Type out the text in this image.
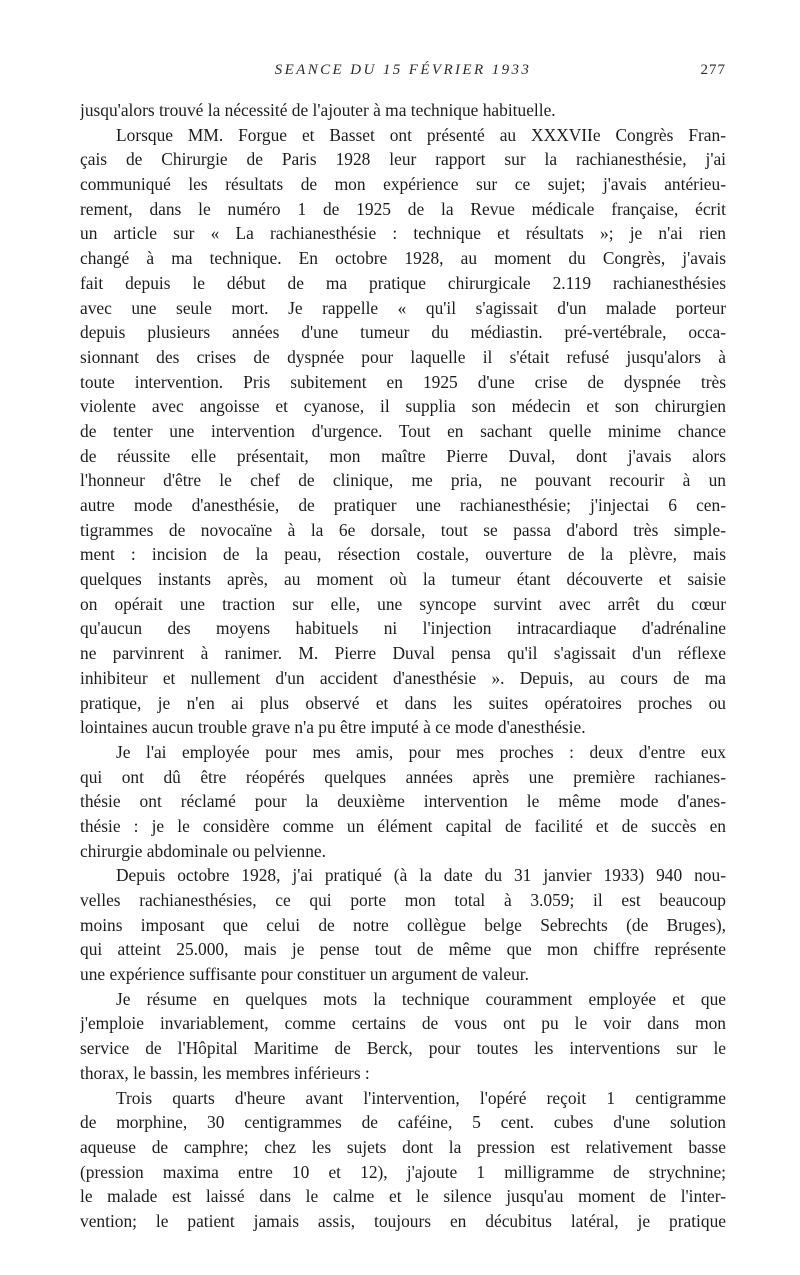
SEANCE DU 15 FÉVRIER 1933	277
jusqu'alors trouvé la nécessité de l'ajouter à ma technique habituelle.
Lorsque MM. Forgue et Basset ont présenté au XXXVIIe Congrès Fran-
çais de Chirurgie de Paris 1928 leur rapport sur la rachianesthésie, j'ai
communiqué les résultats de mon expérience sur ce sujet; j'avais antérieu-
rement, dans le numéro 1 de 1925 de la Revue médicale française, écrit
un article sur « La rachianesthésie : technique et résultats »; je n'ai rien
changé à ma technique. En octobre 1928, au moment du Congrès, j'avais
fait depuis le début de ma pratique chirurgicale 2.119 rachianesthésies
avec une seule mort. Je rappelle « qu'il s'agissait d'un malade porteur
depuis plusieurs années d'une tumeur du médiastin. pré-vertébrale, occa-
sionnant des crises de dyspnée pour laquelle il s'était refusé jusqu'alors à
toute intervention. Pris subitement en 1925 d'une crise de dyspnée très
violente avec angoisse et cyanose, il supplia son médecin et son chirurgien
de tenter une intervention d'urgence. Tout en sachant quelle minime chance
de réussite elle présentait, mon maître Pierre Duval, dont j'avais alors
l'honneur d'être le chef de clinique, me pria, ne pouvant recourir à un
autre mode d'anesthésie, de pratiquer une rachianesthésie; j'injectai 6 cen-
tigrammes de novocaïne à la 6e dorsale, tout se passa d'abord très simple-
ment : incision de la peau, résection costale, ouverture de la plèvre, mais
quelques instants après, au moment où la tumeur étant découverte et saisie
on opérait une traction sur elle, une syncope survint avec arrêt du cœur
qu'aucun des moyens habituels ni l'injection intracardiaque d'adrénaline
ne parvinrent à ranimer. M. Pierre Duval pensa qu'il s'agissait d'un réflexe
inhibiteur et nullement d'un accident d'anesthésie ». Depuis, au cours de ma
pratique, je n'en ai plus observé et dans les suites opératoires proches ou
lointaines aucun trouble grave n'a pu être imputé à ce mode d'anesthésie.
Je l'ai employée pour mes amis, pour mes proches : deux d'entre eux
qui ont dû être réopérés quelques années après une première rachianes-
thésie ont réclamé pour la deuxième intervention le même mode d'anes-
thésie : je le considère comme un élément capital de facilité et de succès en
chirurgie abdominale ou pelvienne.
Depuis octobre 1928, j'ai pratiqué (à la date du 31 janvier 1933) 940 nou-
velles rachianesthésies, ce qui porte mon total à 3.059; il est beaucoup
moins imposant que celui de notre collègue belge Sebrechts (de Bruges),
qui atteint 25.000, mais je pense tout de même que mon chiffre représente
une expérience suffisante pour constituer un argument de valeur.
Je résume en quelques mots la technique couramment employée et que
j'emploie invariablement, comme certains de vous ont pu le voir dans mon
service de l'Hôpital Maritime de Berck, pour toutes les interventions sur le
thorax, le bassin, les membres inférieurs :
Trois quarts d'heure avant l'intervention, l'opéré reçoit 1 centigramme
de morphine, 30 centigrammes de caféine, 5 cent. cubes d'une solution
aqueuse de camphre; chez les sujets dont la pression est relativement basse
(pression maxima entre 10 et 12), j'ajoute 1 milligramme de strychnine;
le malade est laissé dans le calme et le silence jusqu'au moment de l'inter-
vention; le patient jamais assis, toujours en décubitus latéral, je pratique
